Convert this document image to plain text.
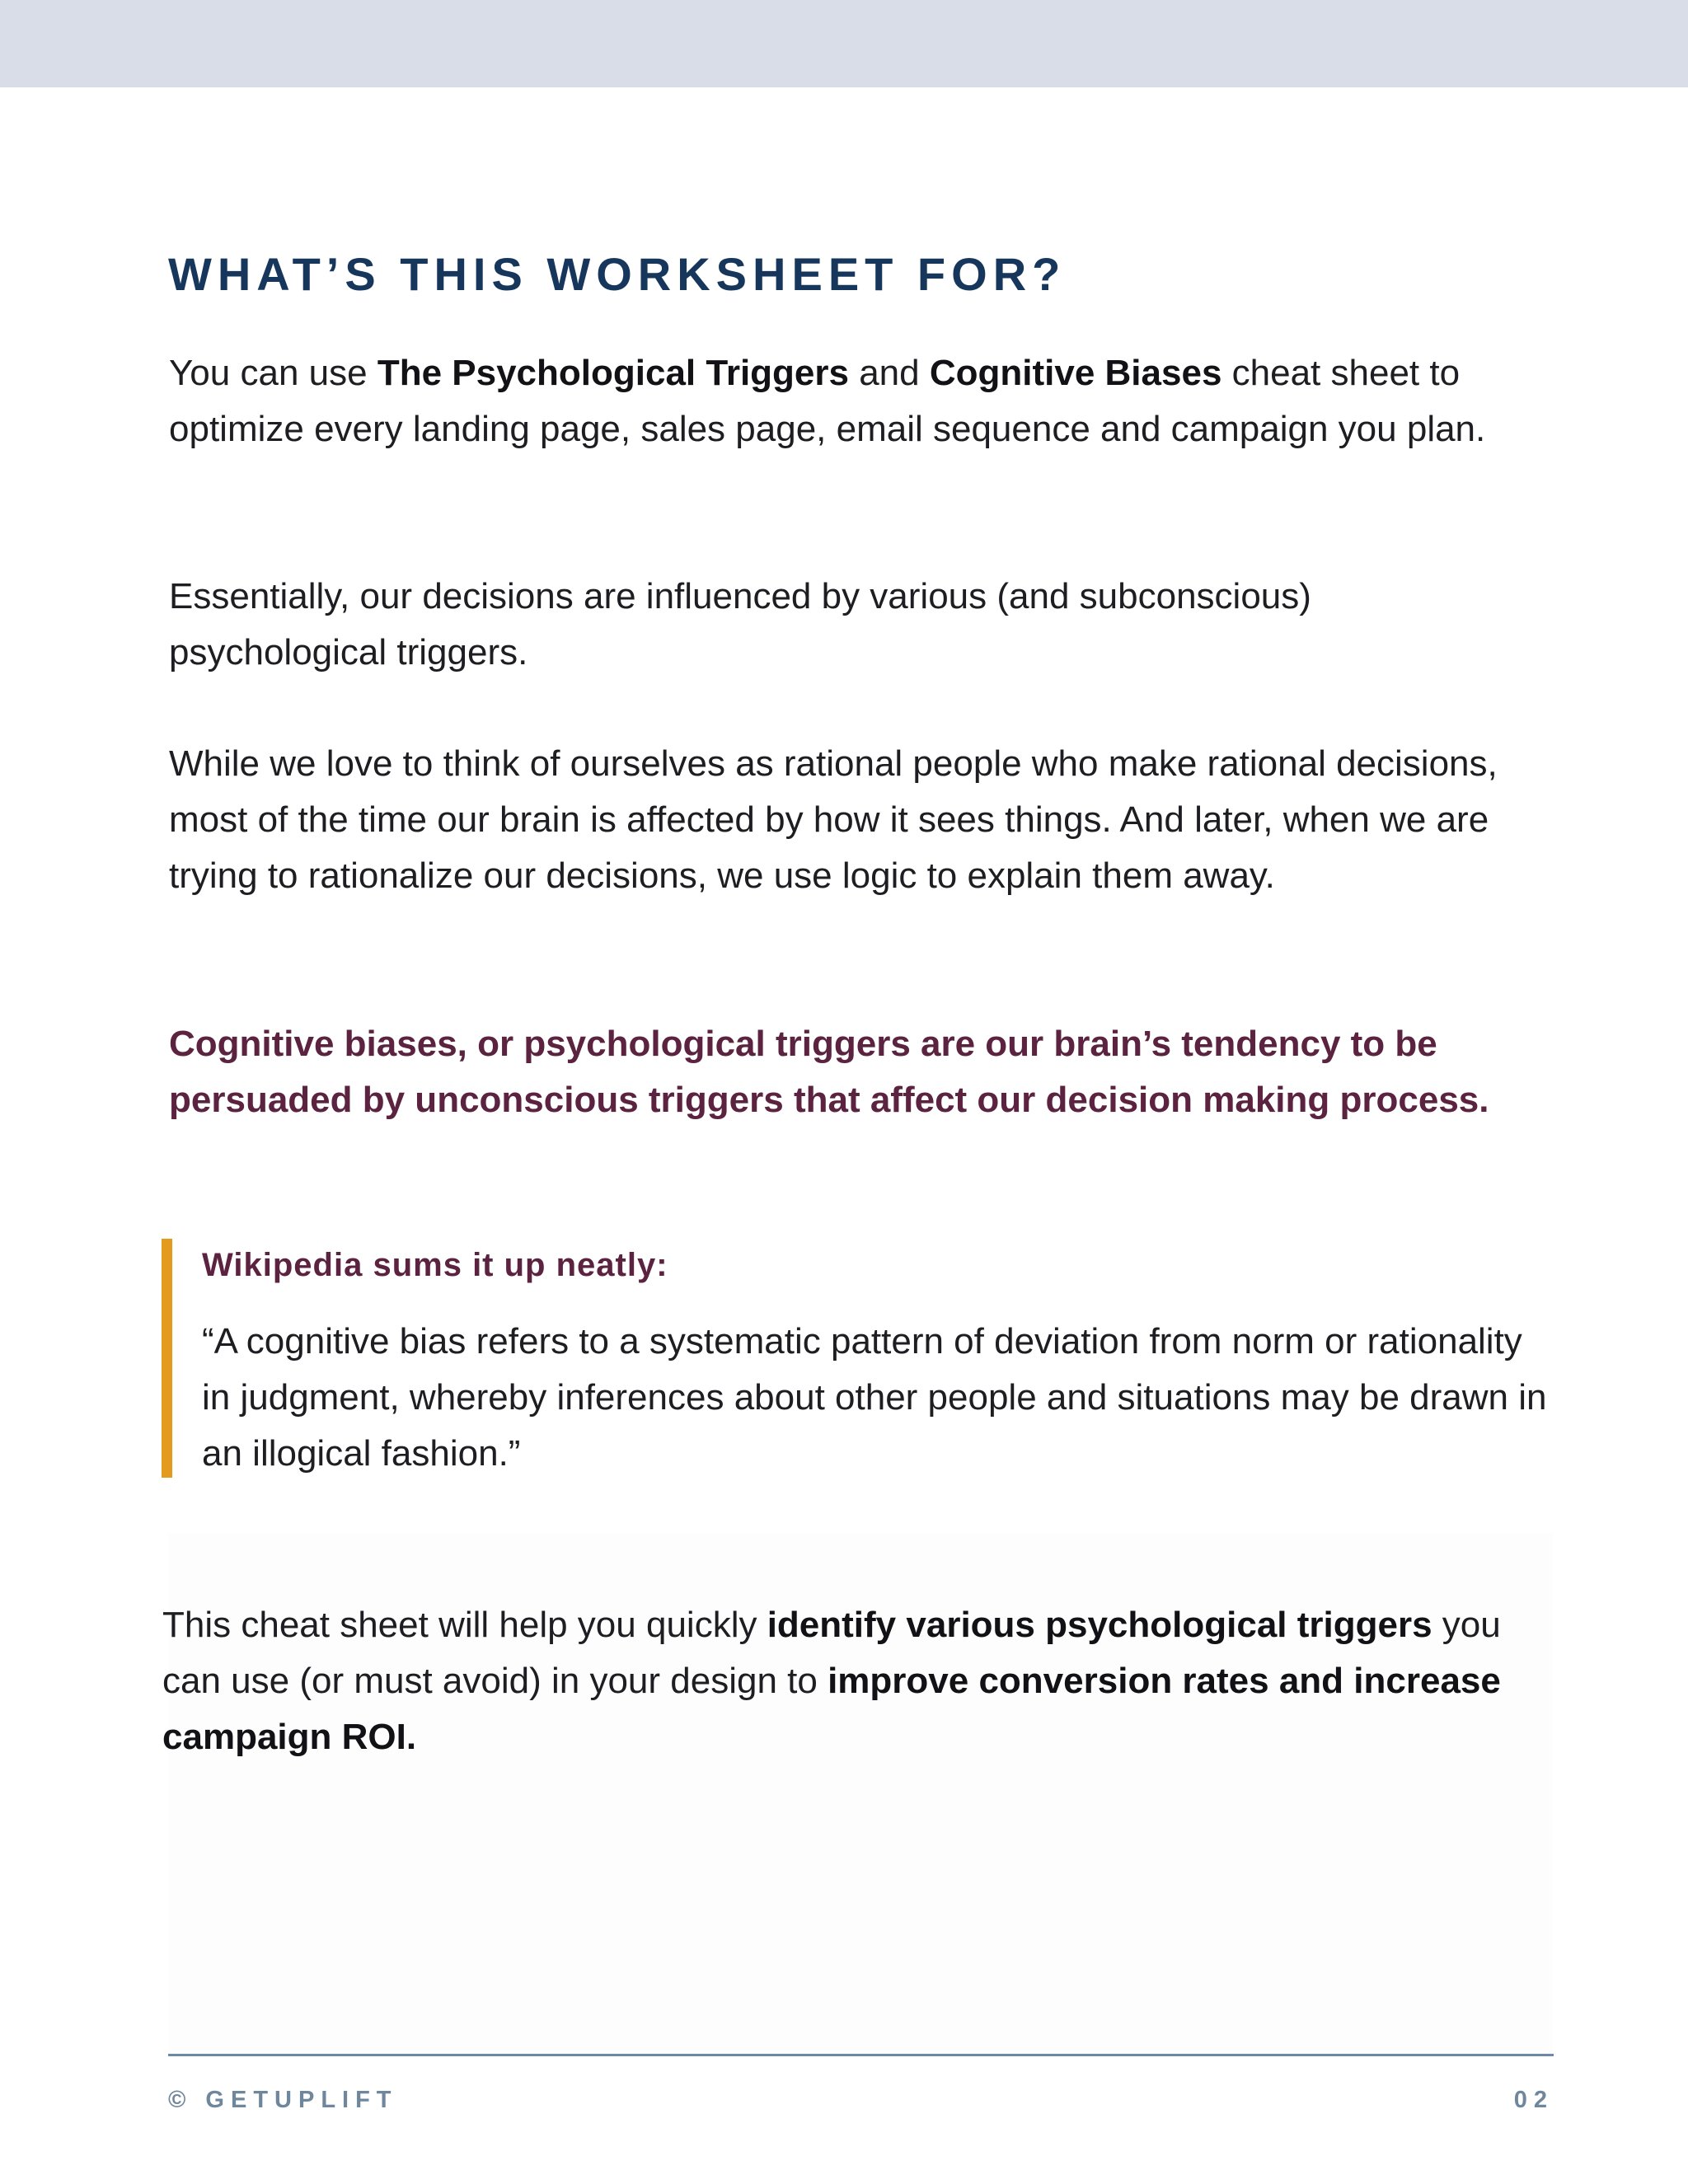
WHAT’S THIS WORKSHEET FOR?

You can use The Psychological Triggers and Cognitive Biases cheat sheet to optimize every landing page, sales page, email sequence and campaign you plan.

Essentially, our decisions are influenced by various (and subconscious) psychological triggers.

While we love to think of ourselves as rational people who make rational decisions, most of the time our brain is affected by how it sees things. And later, when we are trying to rationalize our decisions, we use logic to explain them away.

Cognitive biases, or psychological triggers are our brain’s tendency to be persuaded by unconscious triggers that affect our decision making process.

Wikipedia sums it up neatly:

“A cognitive bias refers to a systematic pattern of deviation from norm or rationality in judgment, whereby inferences about other people and situations may be drawn in an illogical fashion.”

This cheat sheet will help you quickly identify various psychological triggers you can use (or must avoid) in your design to improve conversion rates and increase campaign ROI.

© GETUPLIFT	02
